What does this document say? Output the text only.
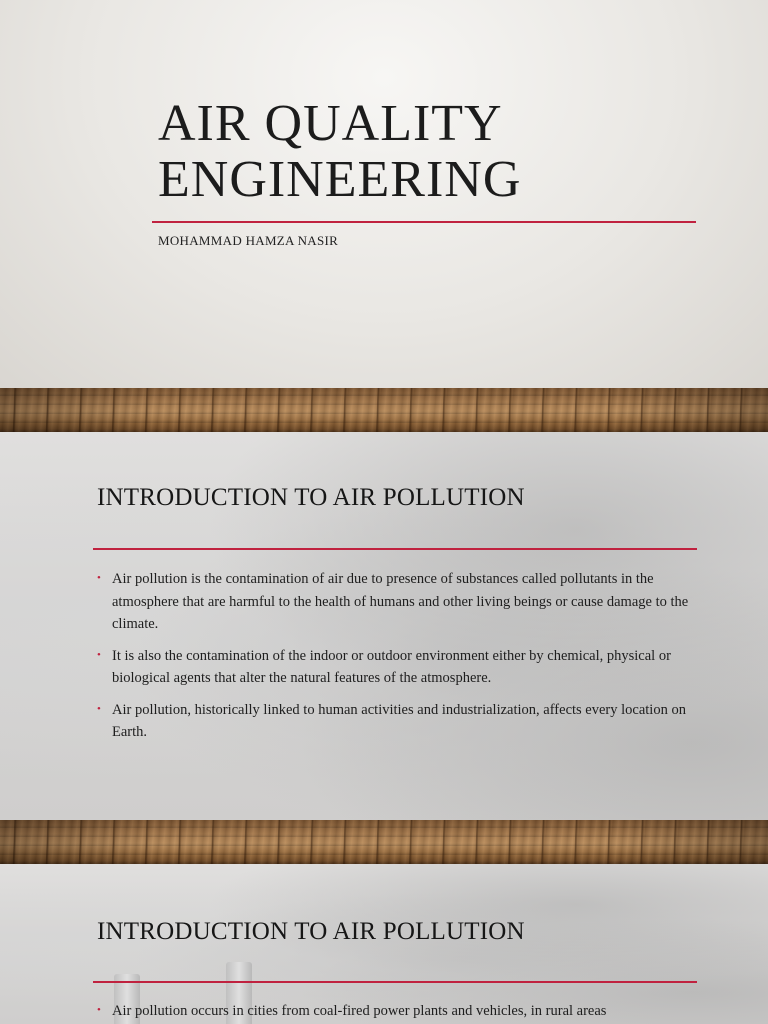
AIR QUALITY ENGINEERING
MOHAMMAD HAMZA NASIR
INTRODUCTION TO AIR POLLUTION
• Air pollution is the contamination of air due to presence of substances called pollutants in the atmosphere that are harmful to the health of humans and other living beings or cause damage to the climate.
• It is also the contamination of the indoor or outdoor environment either by chemical, physical or biological agents that alter the natural features of the atmosphere.
• Air pollution, historically linked to human activities and industrialization, affects every location on Earth.
INTRODUCTION TO AIR POLLUTION
• Air pollution occurs in cities from coal-fired power plants and vehicles, in rural areas
